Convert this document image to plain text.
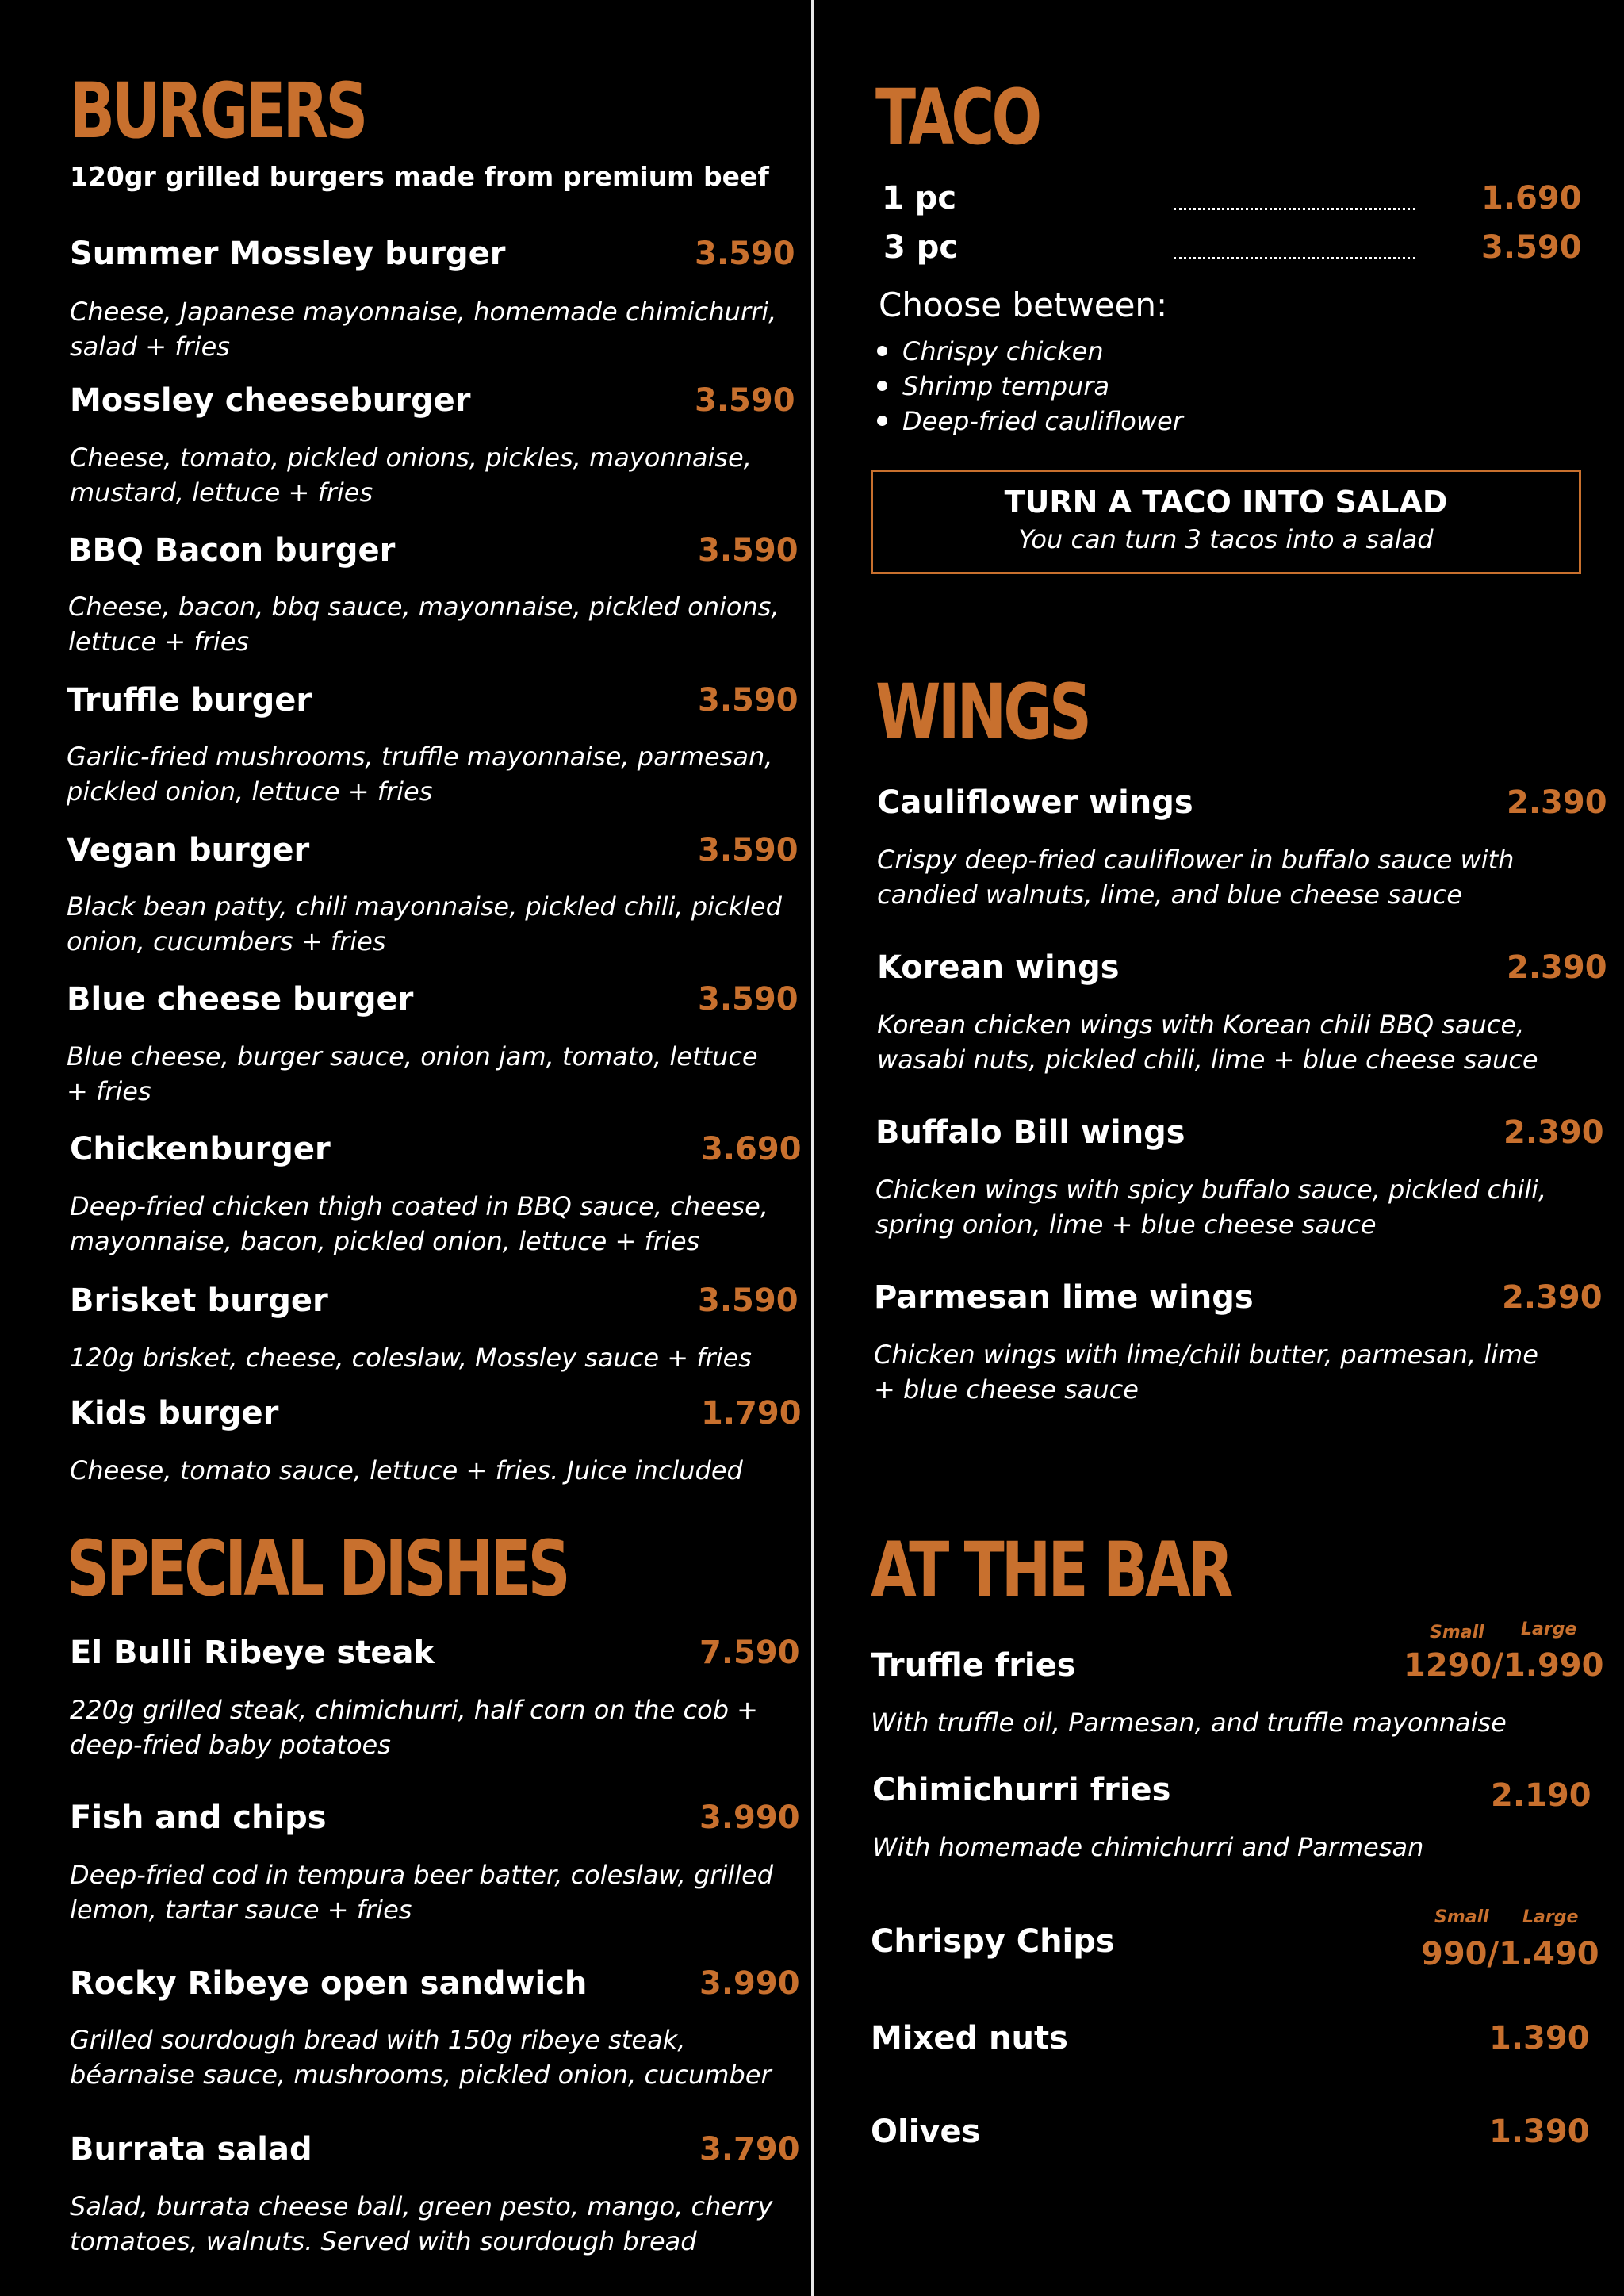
BURGERS
120gr grilled burgers made from premium beef
Summer Mossley burger	3.590
Cheese, Japanese mayonnaise, homemade chimichurri, salad + fries
Mossley cheeseburger	3.590
Cheese, tomato, pickled onions, pickles, mayonnaise, mustard, lettuce + fries
BBQ Bacon burger	3.590
Cheese, bacon, bbq sauce, mayonnaise, pickled onions, lettuce + fries
Truffle burger	3.590
Garlic-fried mushrooms, truffle mayonnaise, parmesan, pickled onion, lettuce + fries
Vegan burger	3.590
Black bean patty, chili mayonnaise, pickled chili, pickled onion, cucumbers + fries
Blue cheese burger	3.590
Blue cheese, burger sauce, onion jam, tomato, lettuce + fries
Chickenburger	3.690
Deep-fried chicken thigh coated in BBQ sauce, cheese, mayonnaise, bacon, pickled onion, lettuce + fries
Brisket burger	3.590
120g brisket, cheese, coleslaw, Mossley sauce + fries
Kids burger	1.790
Cheese, tomato sauce, lettuce + fries. Juice included
SPECIAL DISHES
El Bulli Ribeye steak	7.590
220g grilled steak, chimichurri, half corn on the cob + deep-fried baby potatoes
Fish and chips	3.990
Deep-fried cod in tempura beer batter, coleslaw, grilled lemon, tartar sauce + fries
Rocky Ribeye open sandwich	3.990
Grilled sourdough bread with 150g ribeye steak, béarnaise sauce, mushrooms, pickled onion, cucumber
Burrata salad	3.790
Salad, burrata cheese ball, green pesto, mango, cherry tomatoes, walnuts. Served with sourdough bread
TACO
1 pc	1.690
3 pc	3.590
Choose between:
Chrispy chicken
Shrimp tempura
Deep-fried cauliflower
TURN A TACO INTO SALAD
You can turn 3 tacos into a salad
WINGS
Cauliflower wings	2.390
Crispy deep-fried cauliflower in buffalo sauce with candied walnuts, lime, and blue cheese sauce
Korean wings	2.390
Korean chicken wings with Korean chili BBQ sauce, wasabi nuts, pickled chili, lime + blue cheese sauce
Buffalo Bill wings	2.390
Chicken wings with spicy buffalo sauce, pickled chili, spring onion, lime + blue cheese sauce
Parmesan lime wings	2.390
Chicken wings with lime/chili butter, parmesan, lime + blue cheese sauce
AT THE BAR
Small Large
Truffle fries	1290/1.990
With truffle oil, Parmesan, and truffle mayonnaise
Chimichurri fries	2.190
With homemade chimichurri and Parmesan
Small Large
Chrispy Chips	990/1.490
Mixed nuts	1.390
Olives	1.390
